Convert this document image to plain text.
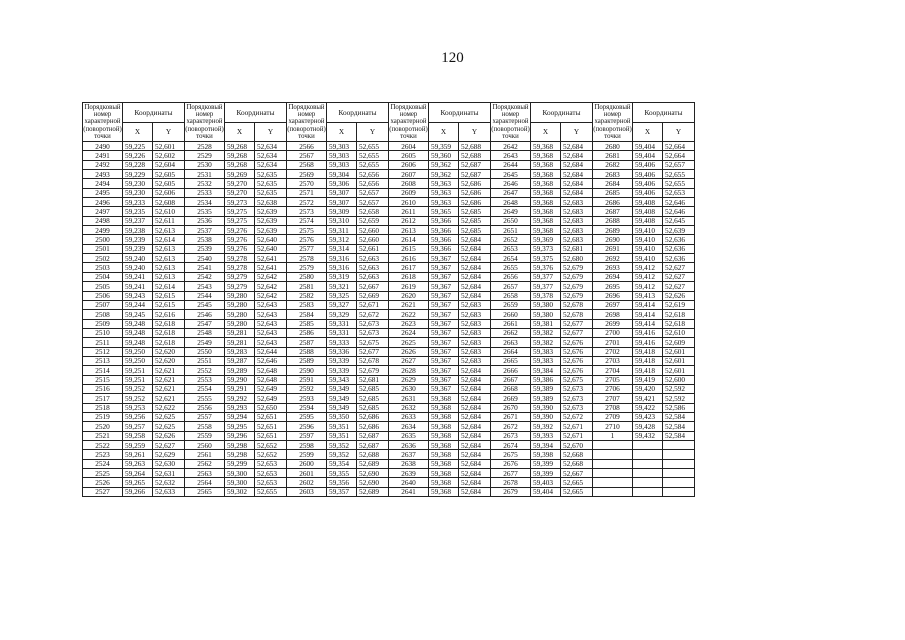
120
Порядковый номер характерной (поворотной) точки	Координаты		Порядковый номер характерной (поворотной) точки	Координаты		Порядковый номер характерной (поворотной) точки	Координаты		Порядковый номер характерной (поворотной) точки	Координаты		Порядковый номер характерной (поворотной) точки	Координаты		Порядковый номер характерной (поворотной) точки	Координаты	
	X	Y		X	Y		X	Y		X	Y		X	Y		X	Y
2490	59,225	52,601	2528	59,268	52,634	2566	59,303	52,655	2604	59,359	52,688	2642	59,368	52,684	2680	59,404	52,664
2491	59,226	52,602	2529	59,268	52,634	2567	59,303	52,655	2605	59,360	52,688	2643	59,368	52,684	2681	59,404	52,664
2492	59,228	52,604	2530	59,268	52,634	2568	59,303	52,655	2606	59,362	52,687	2644	59,368	52,684	2682	59,406	52,657
2493	59,229	52,605	2531	59,269	52,635	2569	59,304	52,656	2607	59,362	52,687	2645	59,368	52,684	2683	59,406	52,655
2494	59,230	52,605	2532	59,270	52,635	2570	59,306	52,656	2608	59,363	52,686	2646	59,368	52,684	2684	59,406	52,655
2495	59,230	52,606	2533	59,270	52,635	2571	59,307	52,657	2609	59,363	52,686	2647	59,368	52,684	2685	59,406	52,653
2496	59,233	52,608	2534	59,273	52,638	2572	59,307	52,657	2610	59,363	52,686	2648	59,368	52,683	2686	59,408	52,646
2497	59,235	52,610	2535	59,275	52,639	2573	59,309	52,658	2611	59,365	52,685	2649	59,368	52,683	2687	59,408	52,646
2498	59,237	52,611	2536	59,275	52,639	2574	59,310	52,659	2612	59,366	52,685	2650	59,368	52,683	2688	59,408	52,645
2499	59,238	52,613	2537	59,276	52,639	2575	59,311	52,660	2613	59,366	52,685	2651	59,368	52,683	2689	59,410	52,639
2500	59,239	52,614	2538	59,276	52,640	2576	59,312	52,660	2614	59,366	52,684	2652	59,369	52,683	2690	59,410	52,636
2501	59,239	52,613	2539	59,276	52,640	2577	59,314	52,661	2615	59,366	52,684	2653	59,373	52,681	2691	59,410	52,636
2502	59,240	52,613	2540	59,278	52,641	2578	59,316	52,663	2616	59,367	52,684	2654	59,375	52,680	2692	59,410	52,636
2503	59,240	52,613	2541	59,278	52,641	2579	59,316	52,663	2617	59,367	52,684	2655	59,376	52,679	2693	59,412	52,627
2504	59,241	52,613	2542	59,279	52,642	2580	59,319	52,663	2618	59,367	52,684	2656	59,377	52,679	2694	59,412	52,627
2505	59,241	52,614	2543	59,279	52,642	2581	59,321	52,667	2619	59,367	52,684	2657	59,377	52,679	2695	59,412	52,627
2506	59,243	52,615	2544	59,280	52,642	2582	59,325	52,669	2620	59,367	52,684	2658	59,378	52,679	2696	59,413	52,626
2507	59,244	52,615	2545	59,280	52,643	2583	59,327	52,671	2621	59,367	52,683	2659	59,380	52,678	2697	59,414	52,619
2508	59,245	52,616	2546	59,280	52,643	2584	59,329	52,672	2622	59,367	52,683	2660	59,380	52,678	2698	59,414	52,618
2509	59,248	52,618	2547	59,280	52,643	2585	59,331	52,673	2623	59,367	52,683	2661	59,381	52,677	2699	59,414	52,618
2510	59,248	52,618	2548	59,281	52,643	2586	59,331	52,673	2624	59,367	52,683	2662	59,382	52,677	2700	59,416	52,610
2511	59,248	52,618	2549	59,281	52,643	2587	59,333	52,675	2625	59,367	52,683	2663	59,382	52,676	2701	59,416	52,609
2512	59,250	52,620	2550	59,283	52,644	2588	59,336	52,677	2626	59,367	52,683	2664	59,383	52,676	2702	59,418	52,601
2513	59,250	52,620	2551	59,287	52,646	2589	59,339	52,678	2627	59,367	52,683	2665	59,383	52,676	2703	59,418	52,601
2514	59,251	52,621	2552	59,289	52,648	2590	59,339	52,679	2628	59,367	52,684	2666	59,384	52,676	2704	59,418	52,601
2515	59,251	52,621	2553	59,290	52,648	2591	59,343	52,681	2629	59,367	52,684	2667	59,386	52,675	2705	59,419	52,600
2516	59,252	52,621	2554	59,291	52,649	2592	59,349	52,685	2630	59,367	52,684	2668	59,389	52,673	2706	59,420	52,592
2517	59,252	52,621	2555	59,292	52,649	2593	59,349	52,685	2631	59,368	52,684	2669	59,389	52,673	2707	59,421	52,592
2518	59,253	52,622	2556	59,293	52,650	2594	59,349	52,685	2632	59,368	52,684	2670	59,390	52,673	2708	59,422	52,586
2519	59,256	52,625	2557	59,294	52,651	2595	59,350	52,686	2633	59,368	52,684	2671	59,390	52,672	2709	59,423	52,584
2520	59,257	52,625	2558	59,295	52,651	2596	59,351	52,686	2634	59,368	52,684	2672	59,392	52,671	2710	59,428	52,584
2521	59,258	52,626	2559	59,296	52,651	2597	59,351	52,687	2635	59,368	52,684	2673	59,393	52,671	1	59,432	52,584
2522	59,259	52,627	2560	59,298	52,652	2598	59,352	52,687	2636	59,368	52,684	2674	59,394	52,670			
2523	59,261	52,629	2561	59,298	52,652	2599	59,352	52,688	2637	59,368	52,684	2675	59,398	52,668			
2524	59,263	52,630	2562	59,299	52,653	2600	59,354	52,689	2638	59,368	52,684	2676	59,399	52,668			
2525	59,264	52,631	2563	59,300	52,653	2601	59,355	52,690	2639	59,368	52,684	2677	59,399	52,667			
2526	59,265	52,632	2564	59,300	52,653	2602	59,356	52,690	2640	59,368	52,684	2678	59,403	52,665			
2527	59,266	52,633	2565	59,302	52,655	2603	59,357	52,689	2641	59,368	52,684	2679	59,404	52,665			
